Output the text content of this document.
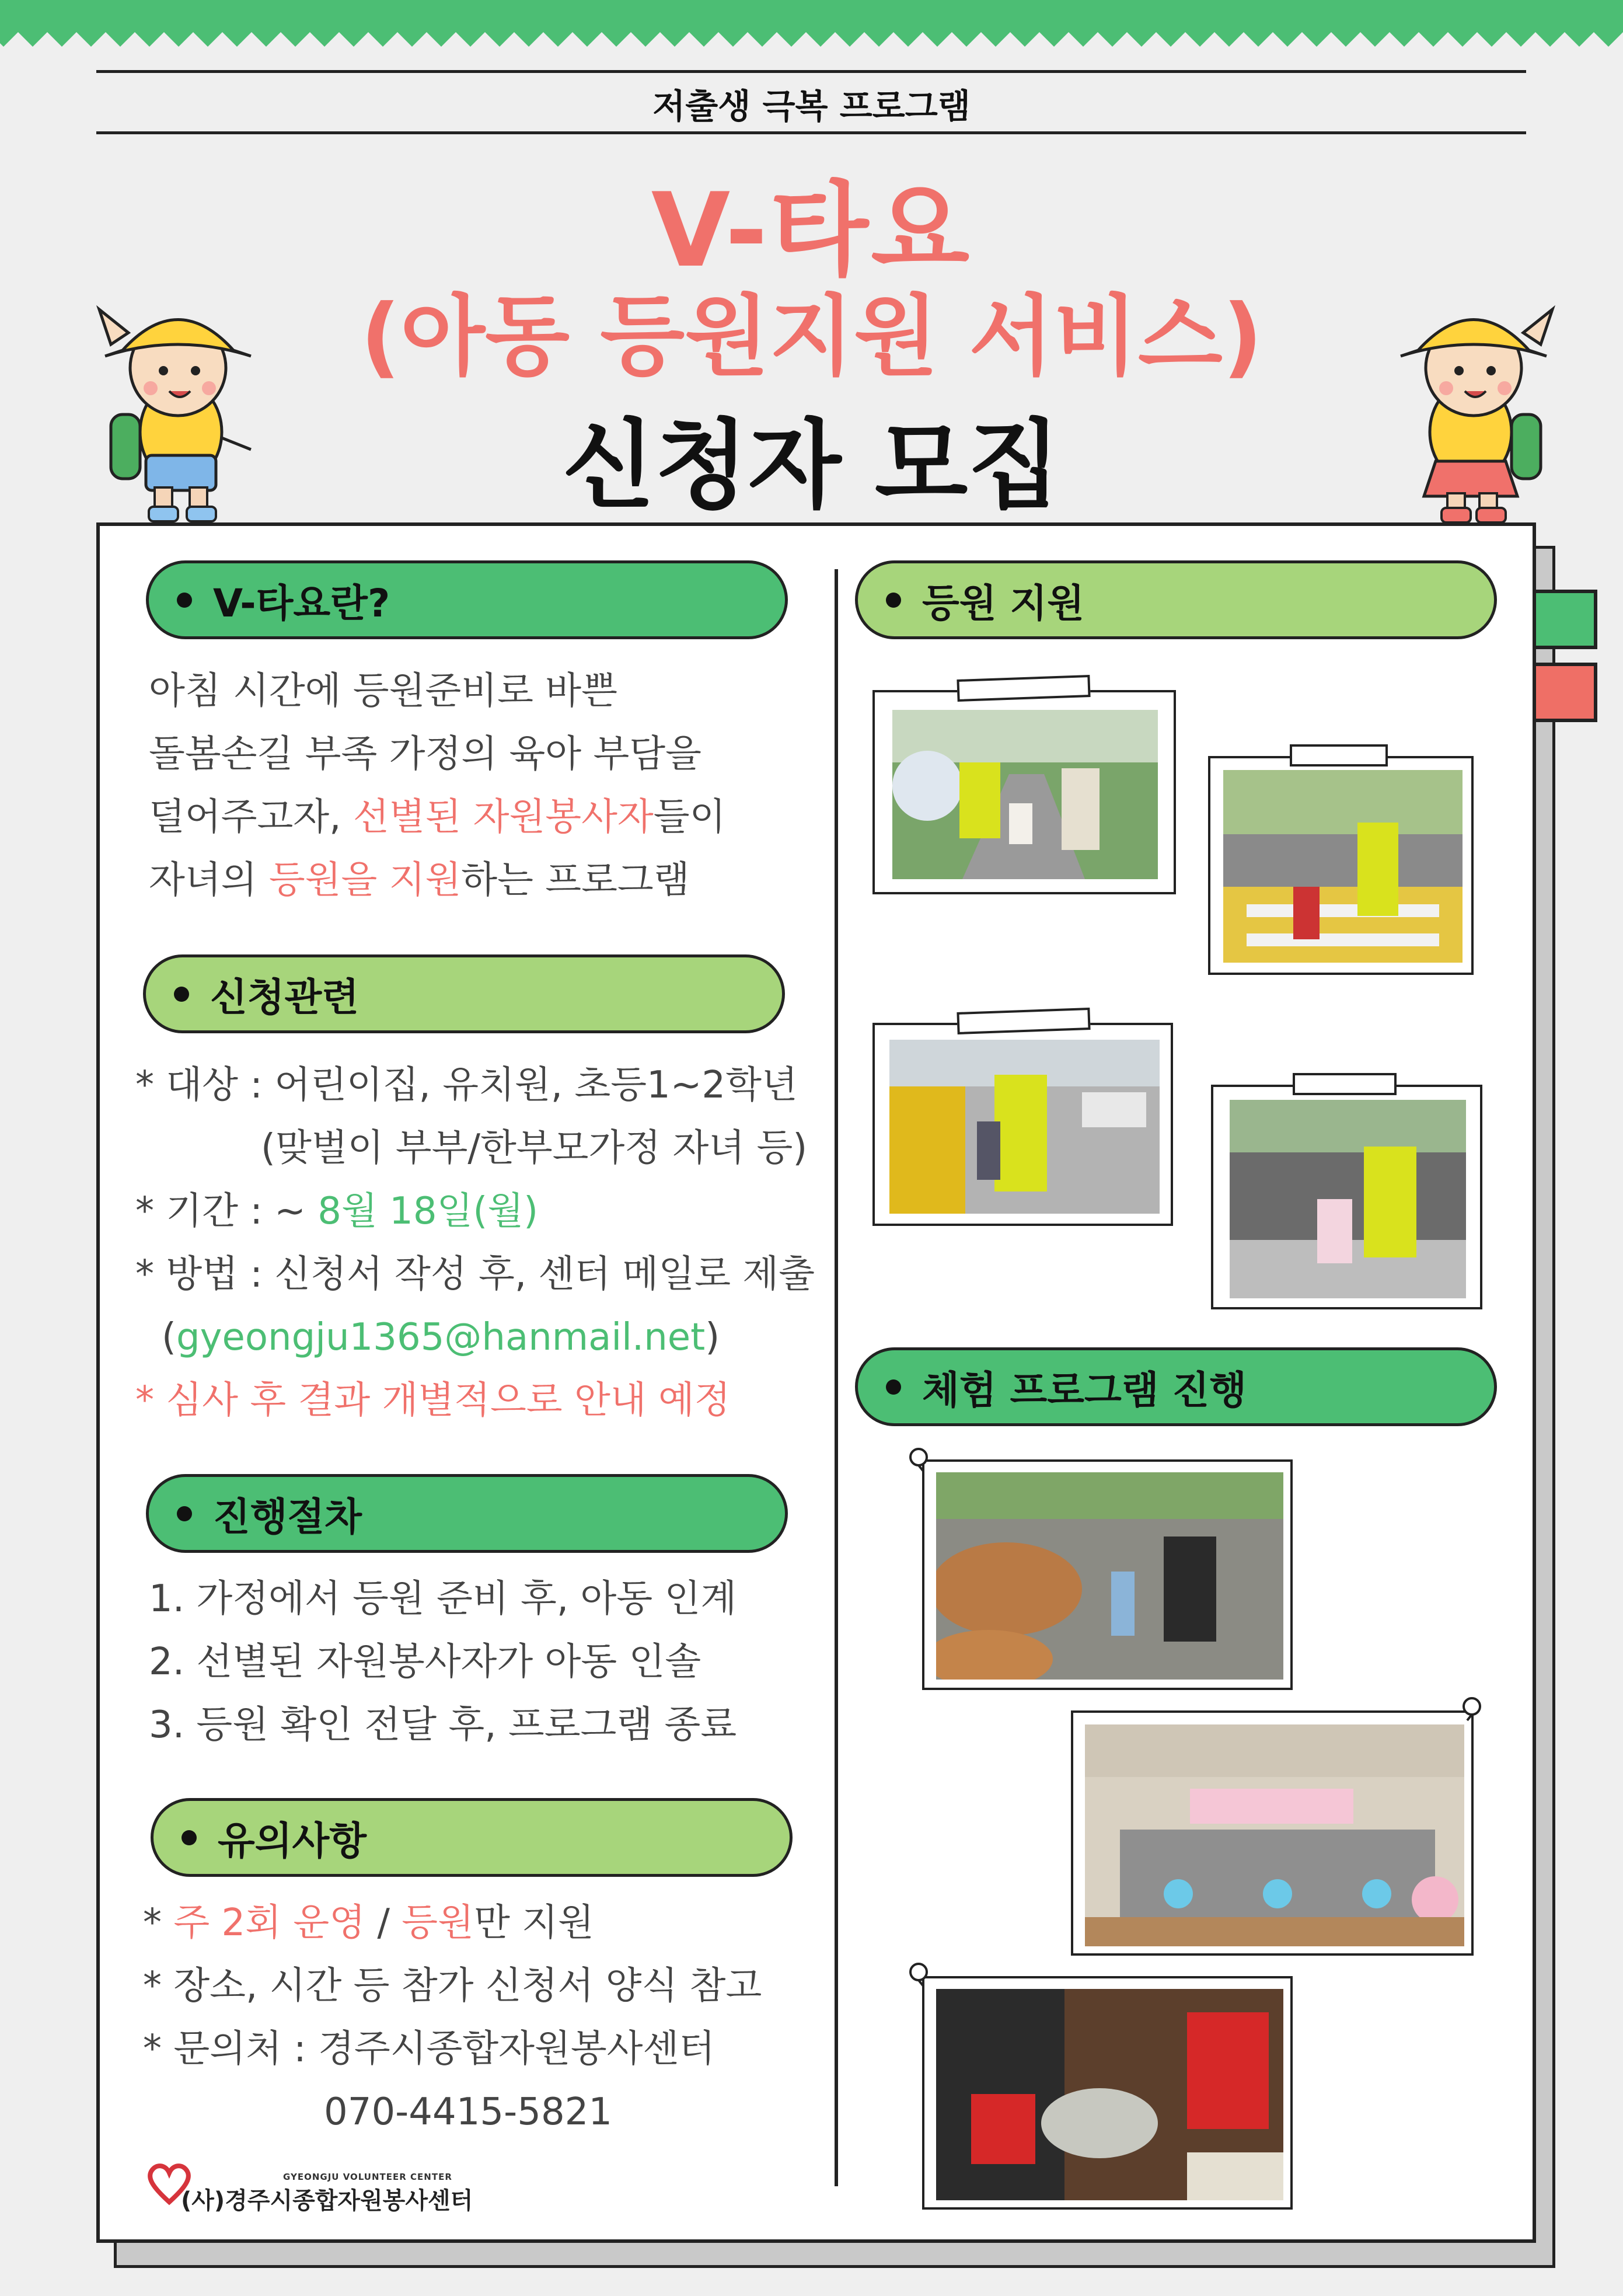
저출생 극복 프로그램
V-타요
(아동 등원지원 서비스)
신청자 모집
V-타요란?
아침 시간에 등원준비로 바쁜
돌봄손길 부족 가정의 육아 부담을
덜어주고자, 선별된 자원봉사자들이
자녀의 등원을 지원하는 프로그램
신청관련
* 대상 : 어린이집, 유치원, 초등1~2학년
(맞벌이 부부/한부모가정 자녀 등)
* 기간 : ~ 8월 18일(월)
* 방법 : 신청서 작성 후, 센터 메일로 제출
(gyeongju1365@hanmail.net)
* 심사 후 결과 개별적으로 안내 예정
진행절차
1. 가정에서 등원 준비 후, 아동 인계
2. 선별된 자원봉사자가 아동 인솔
3. 등원 확인 전달 후, 프로그램 종료
유의사항
* 주 2회 운영 / 등원만 지원
* 장소, 시간 등 참가 신청서 양식 참고
* 문의처 : 경주시종합자원봉사센터
070-4415-5821
GYEONGJU VOLUNTEER CENTER
(사)경주시종합자원봉사센터
등원 지원
체험 프로그램 진행
